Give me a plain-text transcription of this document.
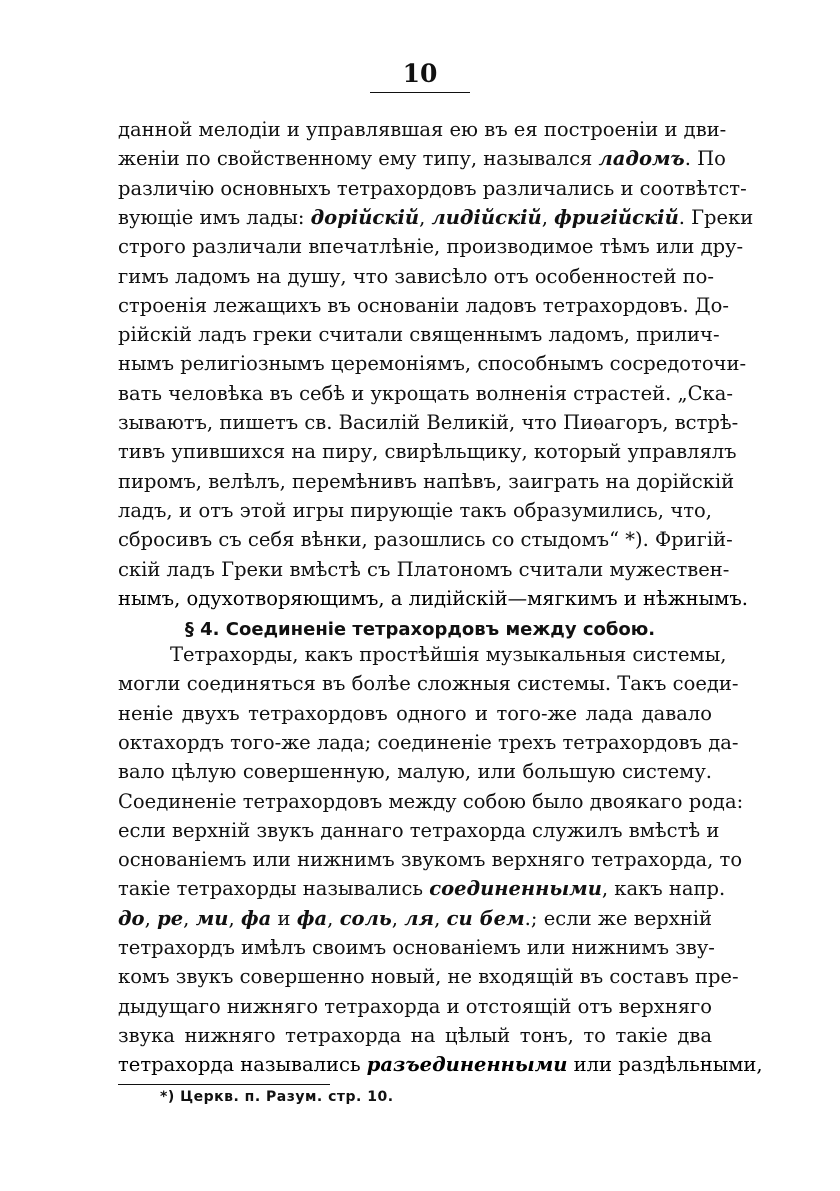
10
данной мелодіи и управлявшая ею въ ея построеніи и дви-
женіи по свойственному ему типу, назывался ладомъ. По
различію основныхъ тетрахордовъ различались и соотвѣтст-
вующіе имъ лады: дорійскій, лидійскій, фригійскій. Греки
строго различали впечатлѣніе, производимое тѣмъ или дру-
гимъ ладомъ на душу, что зависѣло отъ особенностей по-
строенія лежащихъ въ основаніи ладовъ тетрахордовъ. До-
рійскій ладъ греки считали священнымъ ладомъ, прилич-
нымъ религіознымъ церемоніямъ, способнымъ сосредоточи-
вать человѣка въ себѣ и укрощать волненія страстей. „Ска-
зываютъ, пишетъ св. Василій Великій, что Пиѳагоръ, встрѣ-
тивъ упившихся на пиру, свирѣльщику, который управлялъ
пиромъ, велѣлъ, перемѣнивъ напѣвъ, заиграть на дорійскій
ладъ, и отъ этой игры пирующіе такъ образумились, что,
сбросивъ съ себя вѣнки, разошлись со стыдомъ“ *). Фригій-
скій ладъ Греки вмѣстѣ съ Платономъ считали мужествен-
§ 4. Соединеніе тетрахордовъ между собою.
Тетрахорды, какъ простѣйшія музыкальныя системы,
могли соединяться въ болѣе сложныя системы. Такъ соеди-
неніе двухъ тетрахордовъ одного и того-же лада давало
октахордъ того-же лада; соединеніе трехъ тетрахордовъ да-
вало цѣлую совершенную, малую, или большую систему.
Соединеніе тетрахордовъ между собою было двоякаго рода:
если верхній звукъ даннаго тетрахорда служилъ вмѣстѣ и
основаніемъ или нижнимъ звукомъ верхняго тетрахорда, то
такіе тетрахорды назывались соединенными, какъ напр.
до, ре, ми, фа и фа, соль, ля, си бем.; если же верхній
тетрахордъ имѣлъ своимъ основаніемъ или нижнимъ зву-
комъ звукъ совершенно новый, не входящій въ составъ пре-
дыдущаго нижняго тетрахорда и отстоящій отъ верхняго
звука нижняго тетрахорда на цѣлый тонъ, то такіе два
*) Церкв. п. Разум. стр. 10.
нымъ, одухотворяющимъ, а лидійскій—мягкимъ и нѣжнымъ.
тетрахорда назывались разъединенными или раздѣльными,
